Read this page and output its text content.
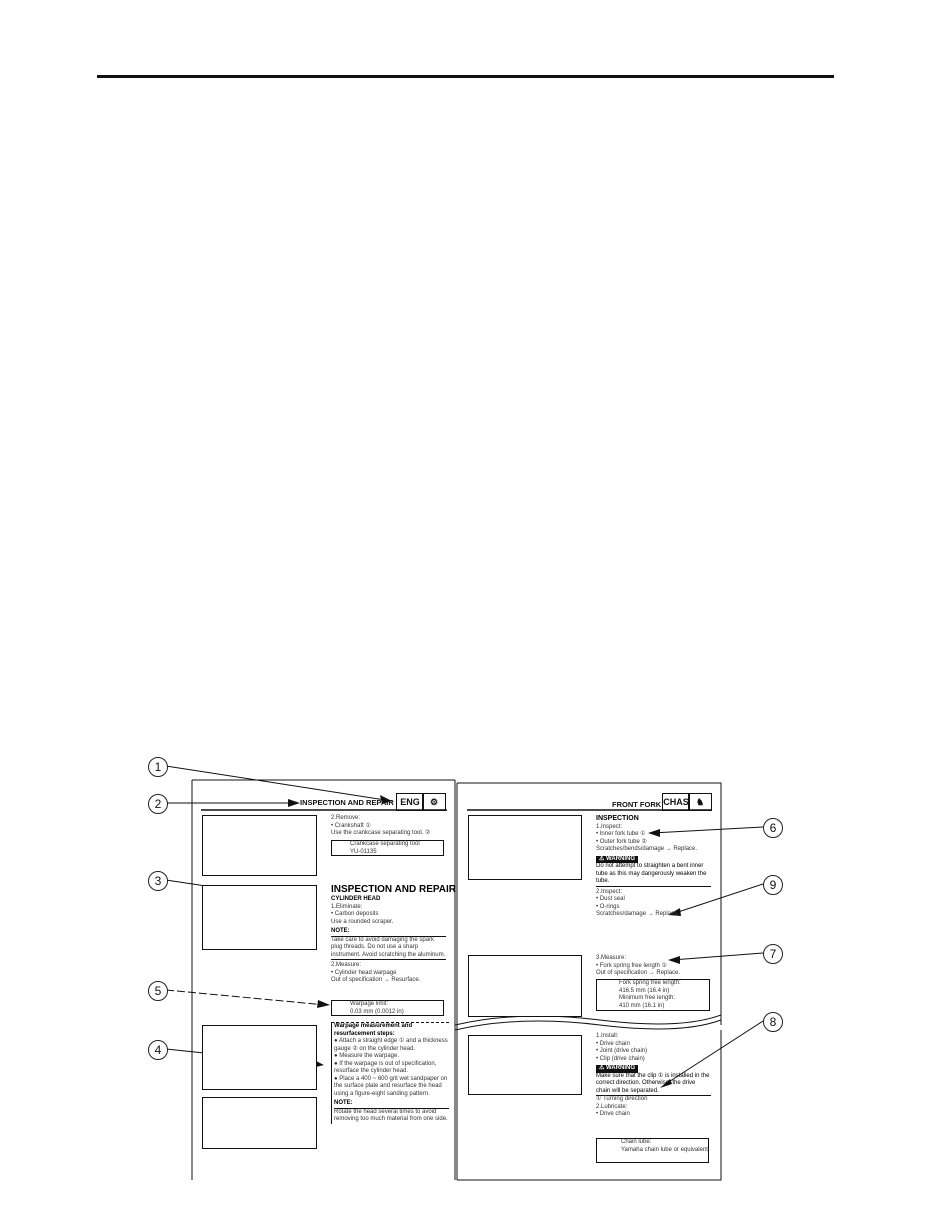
1
2
3
5
4
6
9
7
8
INSPECTION AND REPAIR ENG	⚙
2.Remove:
• Crankshaft ①
Use the crankcase separating tool. ②
Crankcase separating tool
YU-01135
INSPECTION AND REPAIR
CYLINDER HEAD
1.Eliminate:
• Carbon deposits
Use a rounded scraper.
NOTE:
Take care to avoid damaging the spark plug threads. Do not use a sharp instrument. Avoid scratching the aluminum.
2.Measure:
• Cylinder head warpage
Out of specification → Resurface.
Warpage limit:
0.03 mm (0.0012 in)
Warpage measurement and resurfacement steps:
● Attach a straight edge ① and a thickness gauge ② on the cylinder head.
● Measure the warpage.
● If the warpage is out of specification, resurface the cylinder head.
● Place a 400 ~ 600 grit wet sandpaper on the surface plate and resurface the head using a figure-eight sanding pattern.
NOTE:
Rotate the head several times to avoid removing too much material from one side.
FRONT FORK CHAS ♞
INSPECTION
1.Inspect:
• Inner fork tube ①
• Outer fork tube ②
Scratches/bends/damage → Replace.
⚠ WARNING
Do not attempt to straighten a bent inner tube as this may dangerously weaken the tube.
2.Inspect:
• Dust seal
• O-rings
Scratches/damage → Replace.
3.Measure:
• Fork spring free length ①
Out of specification → Replace.
Fork spring free length:
416.5 mm (16.4 in)
Minimum free length:
410 mm (16.1 in)
1.Install:
• Drive chain
• Joint (drive chain)
• Clip (drive chain)
⚠ WARNING
Make sure that the clip ① is installed in the correct direction. Otherwise, the drive chain will be separated.
① Turning direction
2.Lubricate:
• Drive chain
Chain lube:
Yamaha chain lube or equivalent
